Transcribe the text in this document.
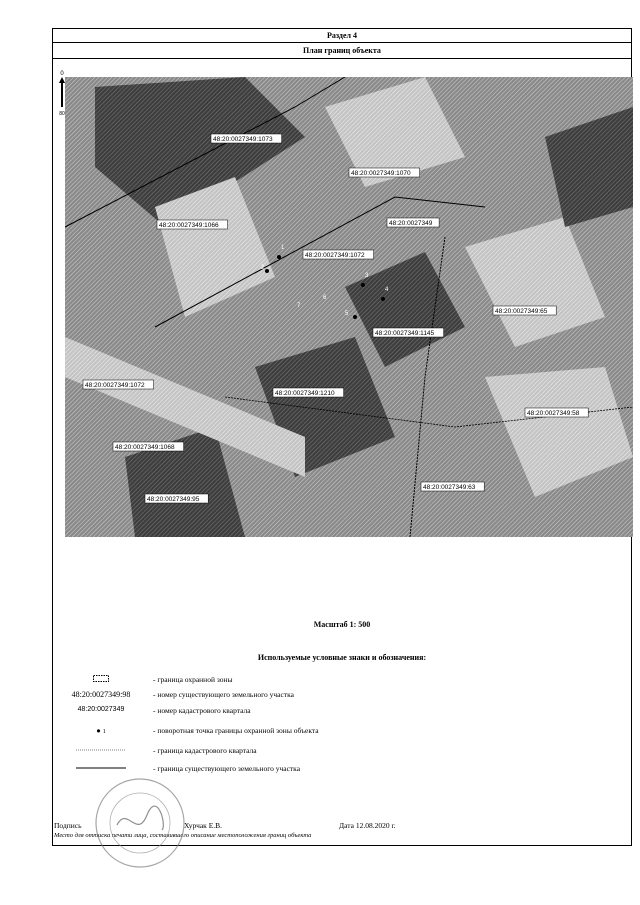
Раздел 4
План границ объекта
0
80
48:20:0027349:1073
48:20:0027349:1070
48:20:0027349:1066	48:20:0027349
48:20:0027349:1072
48:20:0027349:65
48:20:0027349:1145
48:20:0027349:1072
48:20:0027349:1210
48:20:0027349:58
48:20:0027349:1068
48:20:0027349:95
48:20:0027349:63
1
2
3
4
5
6
7
Масштаб 1: 500
Используемые условные знаки и обозначения:
- граница охранной зоны
48:20:0027349:98	- номер существующего земельного участка
48:20:0027349	- номер кадастрового квартала
● 1	- поворотная точка границы охранной зоны объекта
- граница кадастрового квартала
- граница существующего земельного участка
Подпись	Хурчак Е.В.	Дата 12.08.2020 г.
Место для оттиска печати лица, составившего описание местоположения границ объекта
